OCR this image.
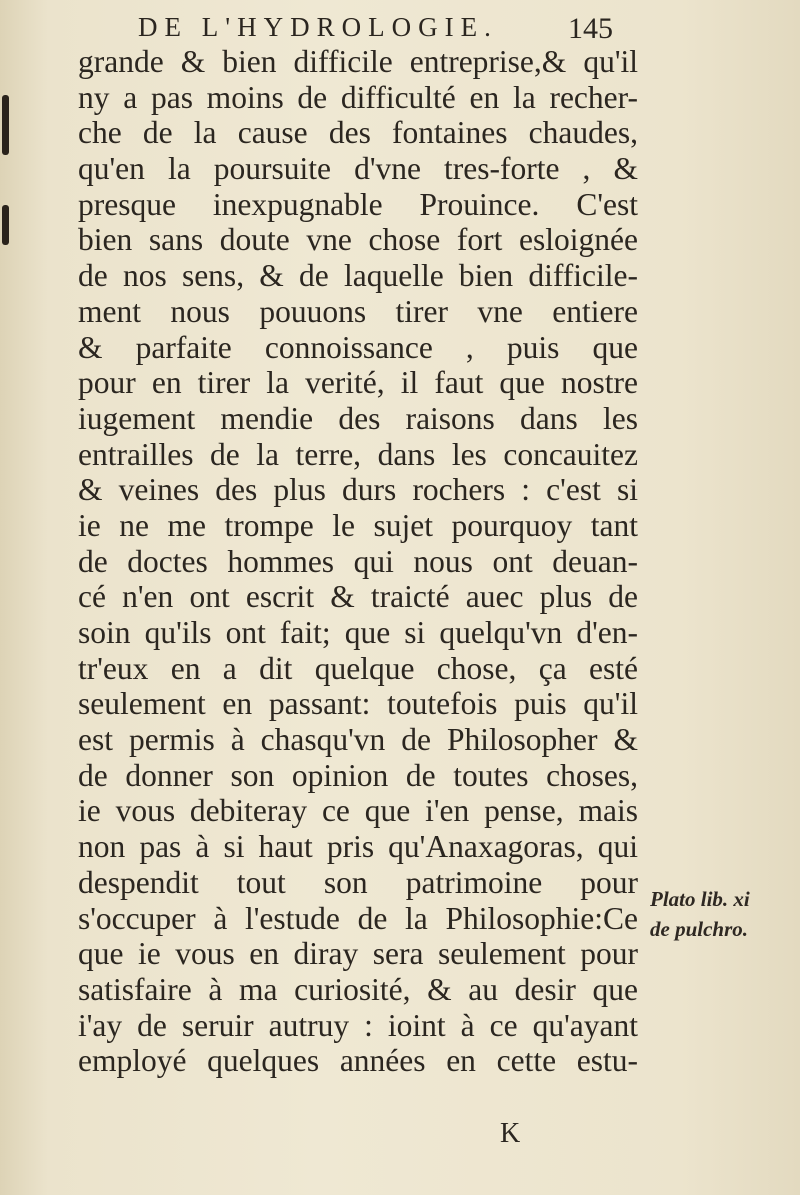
DE L'HYDROLOGIE.	145
grande & bien difficile entreprise,& qu'il
ny a pas moins de difficulté en la recher-
che de la cause des fontaines chaudes,
qu'en la poursuite d'vne tres-forte , &
presque inexpugnable Prouince. C'est
bien sans doute vne chose fort esloignée
de nos sens, & de laquelle bien difficile-
ment nous pouuons tirer vne entiere
& parfaite connoissance , puis que
pour en tirer la verité, il faut que nostre
iugement mendie des raisons dans les
entrailles de la terre, dans les concauitez
& veines des plus durs rochers : c'est si
ie ne me trompe le sujet pourquoy tant
de doctes hommes qui nous ont deuan-
cé n'en ont escrit & traicté auec plus de
soin qu'ils ont fait; que si quelqu'vn d'en-
tr'eux en a dit quelque chose, ça esté
seulement en passant: toutefois puis qu'il
est permis à chasqu'vn de Philosopher &
de donner son opinion de toutes choses,
ie vous debiteray ce que i'en pense, mais
non pas à si haut pris qu'Anaxagoras, qui
despendit tout son patrimoine pour
s'occuper à l'estude de la Philosophie:Ce
que ie vous en diray sera seulement pour
satisfaire à ma curiosité, & au desir que
i'ay de seruir autruy : ioint à ce qu'ayant
employé quelques années en cette estu-
Plato lib. xi
de pulchro.
K
